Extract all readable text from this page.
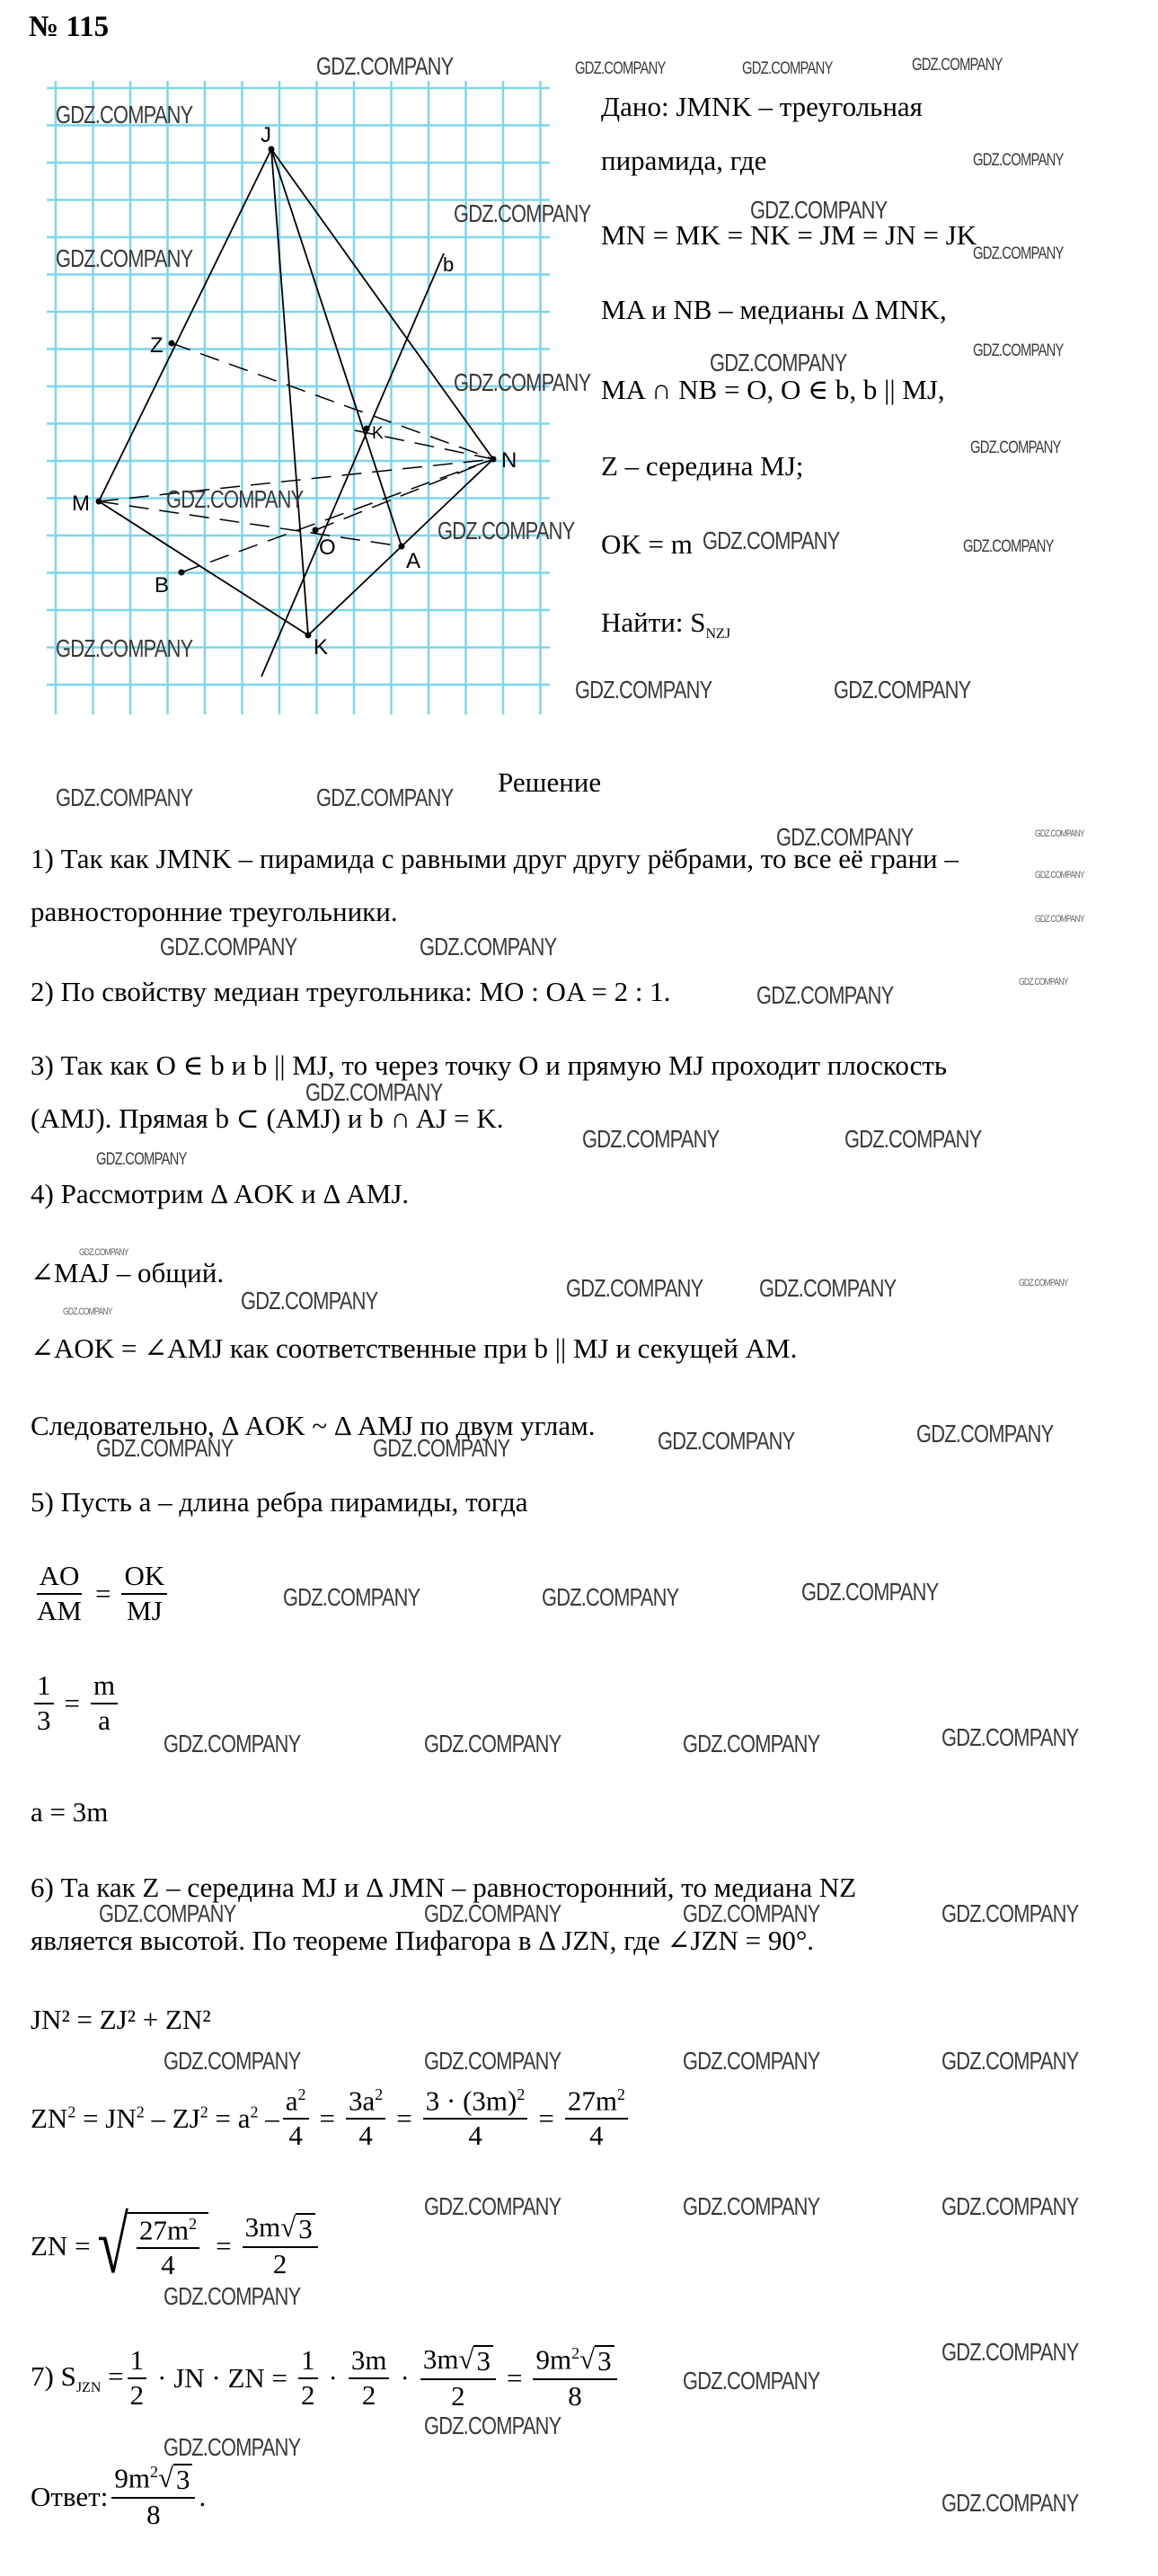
№ 115
J
Z
M
B
O
A
K
N
K
b
Дано: JMNK – треугольная
пирамида, где
MN = MK = NK = JM = JN = JK
MA и NB – медианы Δ MNK,
MA ∩ NB = O, O ∈ b, b || MJ,
Z – середина MJ;
OK = m
Найти: $S_{NZJ}$
Решение
1) Так как JMNK – пирамида с равными друг другу рёбрами, то все её грани –
равносторонние треугольники.
2) По свойству медиан треугольника: MO : OA = 2 : 1.
3) Так как O ∈ b и b || MJ, то через точку O и прямую MJ проходит плоскость
(AMJ). Прямая b ⊂ (AMJ) и b ∩ AJ = K.
4) Рассмотрим Δ AOK и Δ AMJ.
∠MAJ – общий.
∠AOK = ∠AMJ как соответственные при b || MJ и секущей AM.
Следовательно, Δ AOK ~ Δ AMJ по двум углам.
5) Пусть a – длина ребра пирамиды, тогда
$\frac{AO}{AM} = \frac{OK}{MJ}$
$\frac{1}{3} = \frac{m}{a}$
a = 3m
6) Та как Z – середина MJ и Δ JMN – равносторонний, то медиана NZ
является высотой. По теореме Пифагора в Δ JZN, где ∠JZN = 90°.
JN² = ZJ² + ZN²
$ZN^2 = JN^2 - ZJ^2 = a^2 - \frac{a^2}{4} = \frac{3a^2}{4} = \frac{3 \cdot (3m)^2}{4} = \frac{27m^2}{4}$
ZN = √ $\frac{27m^2}{4} = \frac{3m√ 3}{2}$
7) $S_{JZN} = \frac{1}{2}$ · JN · ZN = $\frac{1}{2} \cdot \frac{3m}{2} \cdot \frac{3m√ 3}{2} = \frac{9m^2√ 3}{8}$
Ответ: $\frac{9m^2√ 3}{8}$ .
GDZ.COMPANY	GDZ.COMPANY	GDZ.COMPANY	GDZ.COMPANY
GDZ.COMPANY
GDZ.COMPANY
GDZ.COMPANY	GDZ.COMPANY
GDZ.COMPANY	GDZ.COMPANY
GDZ.COMPANY
GDZ.COMPANY
GDZ.COMPANY
GDZ.COMPANY
GDZ.COMPANY
GDZ.COMPANY	GDZ.COMPANY	GDZ.COMPANY
GDZ.COMPANY
GDZ.COMPANY	GDZ.COMPANY
GDZ.COMPANY	GDZ.COMPANY
GDZ.COMPANY	GDZ.COMPANY
GDZ.COMPANY
GDZ.COMPANY
GDZ.COMPANY	GDZ.COMPANY
GDZ.COMPANY	GDZ.COMPANY
GDZ.COMPANY
GDZ.COMPANY	GDZ.COMPANY
GDZ.COMPANY
GDZ.COMPANY
GDZ.COMPANY GDZ.COMPANY	GDZ.COMPANY
GDZ.COMPANY
GDZ.COMPANY
GDZ.COMPANY
GDZ.COMPANY
GDZ.COMPANY	GDZ.COMPANY
GDZ.COMPANY	GDZ.COMPANY	GDZ.COMPANY
GDZ.COMPANY	GDZ.COMPANY	GDZ.COMPANY	GDZ.COMPANY
GDZ.COMPANY	GDZ.COMPANY	GDZ.COMPANY	GDZ.COMPANY
GDZ.COMPANY	GDZ.COMPANY	GDZ.COMPANY	GDZ.COMPANY
GDZ.COMPANY	GDZ.COMPANY	GDZ.COMPANY
GDZ.COMPANY
GDZ.COMPANY
GDZ.COMPANY
GDZ.COMPANY
GDZ.COMPANY
GDZ.COMPANY
